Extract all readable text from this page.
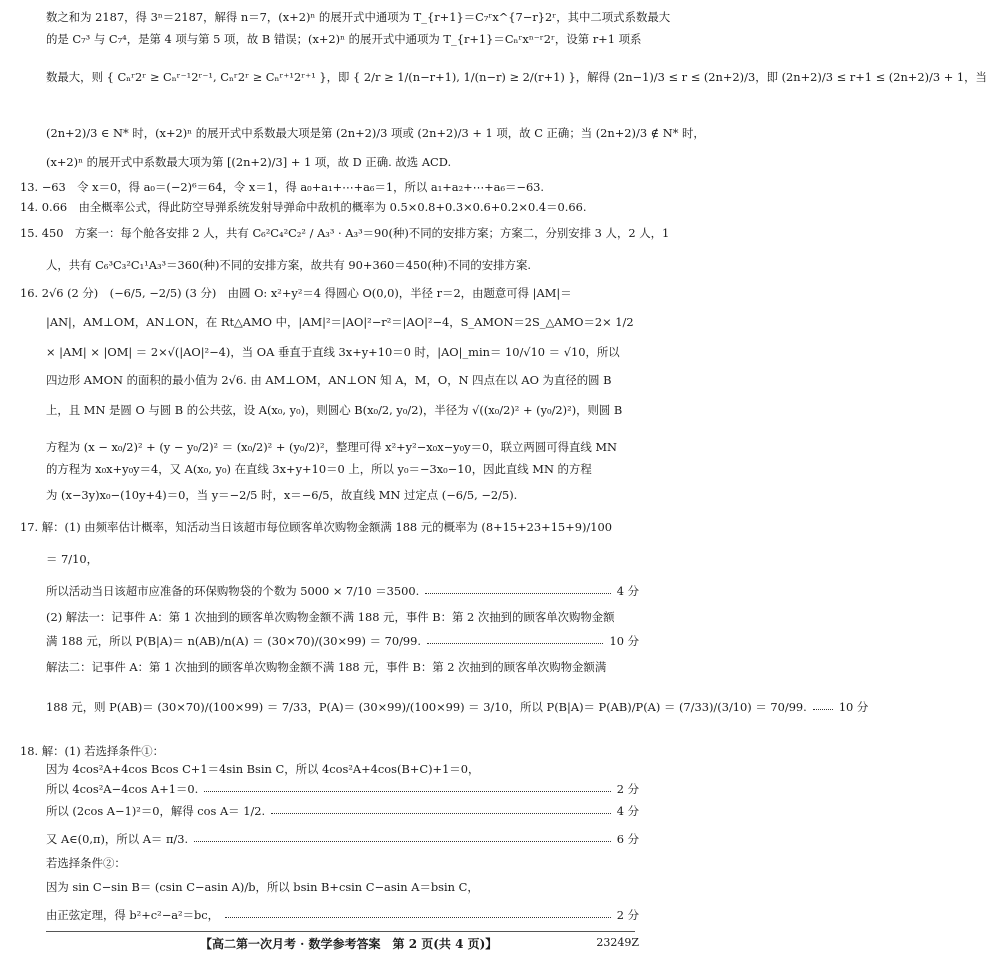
数之和为 2187，得 3ⁿ＝2187，解得 n＝7，(x+2)ⁿ 的展开式中通项为 T_{r+1}＝C₇ʳx^{7−r}2ʳ，其中二项式系数最大
的是 C₇³ 与 C₇⁴，是第 4 项与第 5 项，故 B 错误；(x+2)ⁿ 的展开式中通项为 T_{r+1}＝Cₙʳxⁿ⁻ʳ2ʳ，设第 r+1 项系
数最大，则 { Cₙʳ2ʳ ≥ Cₙʳ⁻¹2ʳ⁻¹, Cₙʳ2ʳ ≥ Cₙʳ⁺¹2ʳ⁺¹ }，即 { 2/r ≥ 1/(n−r+1), 1/(n−r) ≥ 2/(r+1) }，解得 (2n−1)/3 ≤ r ≤ (2n+2)/3，即 (2n+2)/3 ≤ r+1 ≤ (2n+2)/3 + 1，当
(2n+2)/3 ∈ N* 时，(x+2)ⁿ 的展开式中系数最大项是第 (2n+2)/3 项或 (2n+2)/3 + 1 项，故 C 正确；当 (2n+2)/3 ∉ N* 时，
(x+2)ⁿ 的展开式中系数最大项为第 [(2n+2)/3] + 1 项，故 D 正确. 故选 ACD.
13. −63　令 x＝0，得 a₀＝(−2)⁶＝64，令 x＝1，得 a₀+a₁+⋯+a₆＝1，所以 a₁+a₂+⋯+a₆＝−63.
14. 0.66　由全概率公式，得此防空导弹系统发射导弹命中敌机的概率为 0.5×0.8+0.3×0.6+0.2×0.4＝0.66.
15. 450　方案一：每个舱各安排 2 人，共有 C₆²C₄²C₂² / A₃³ · A₃³＝90(种)不同的安排方案；方案二，分别安排 3 人，2 人，1
人，共有 C₆³C₃²C₁¹A₃³＝360(种)不同的安排方案，故共有 90+360＝450(种)不同的安排方案.
16. 2√6 (2 分)　(−6/5, −2/5) (3 分)　由圆 O: x²+y²＝4 得圆心 O(0,0)，半径 r＝2，由题意可得 |AM|＝
|AN|，AM⊥OM，AN⊥ON，在 Rt△AMO 中，|AM|²＝|AO|²−r²＝|AO|²−4，S_AMON＝2S_△AMO＝2× 1/2
× |AM| × |OM| ＝ 2×√(|AO|²−4)，当 OA 垂直于直线 3x+y+10＝0 时，|AO|_min＝ 10/√10 ＝ √10，所以
四边形 AMON 的面积的最小值为 2√6. 由 AM⊥OM，AN⊥ON 知 A，M，O，N 四点在以 AO 为直径的圆 B
上，且 MN 是圆 O 与圆 B 的公共弦，设 A(x₀, y₀)，则圆心 B(x₀/2, y₀/2)，半径为 √((x₀/2)² + (y₀/2)²)，则圆 B
方程为 (x − x₀/2)² + (y − y₀/2)² ＝ (x₀/2)² + (y₀/2)²，整理可得 x²+y²−x₀x−y₀y＝0，联立两圆可得直线 MN
的方程为 x₀x+y₀y＝4，又 A(x₀, y₀) 在直线 3x+y+10＝0 上，所以 y₀＝−3x₀−10，因此直线 MN 的方程
为 (x−3y)x₀−(10y+4)＝0，当 y＝−2/5 时，x＝−6/5，故直线 MN 过定点 (−6/5, −2/5).
17. 解：(1) 由频率估计概率，知活动当日该超市每位顾客单次购物金额满 188 元的概率为 (8+15+23+15+9)/100
＝ 7/10，
所以活动当日该超市应准备的环保购物袋的个数为 5000 × 7/10 ＝3500.	4 分
(2) 解法一：记事件 A：第 1 次抽到的顾客单次购物金额不满 188 元，事件 B：第 2 次抽到的顾客单次购物金额
满 188 元，所以 P(B|A)＝ n(AB)/n(A) ＝ (30×70)/(30×99) ＝ 70/99.	10 分
解法二：记事件 A：第 1 次抽到的顾客单次购物金额不满 188 元，事件 B：第 2 次抽到的顾客单次购物金额满
188 元，则 P(AB)＝ (30×70)/(100×99) ＝ 7/33，P(A)＝ (30×99)/(100×99) ＝ 3/10，所以 P(B|A)＝ P(AB)/P(A) ＝ (7/33)/(3/10) ＝ 70/99.	10 分
18. 解：(1) 若选择条件①：
因为 4cos²A+4cos Bcos C+1＝4sin Bsin C，所以 4cos²A+4cos(B+C)+1＝0，
所以 4cos²A−4cos A+1＝0.	2 分
所以 (2cos A−1)²＝0，解得 cos A＝ 1/2.	4 分
又 A∈(0,π)，所以 A＝ π/3.	6 分
若选择条件②：
因为 sin C−sin B＝ (csin C−asin A)/b，所以 bsin B+csin C−asin A＝bsin C，
由正弦定理，得 b²+c²−a²＝bc，	2 分
【高二第一次月考 · 数学参考答案　第 2 页(共 4 页)】	23249Z
